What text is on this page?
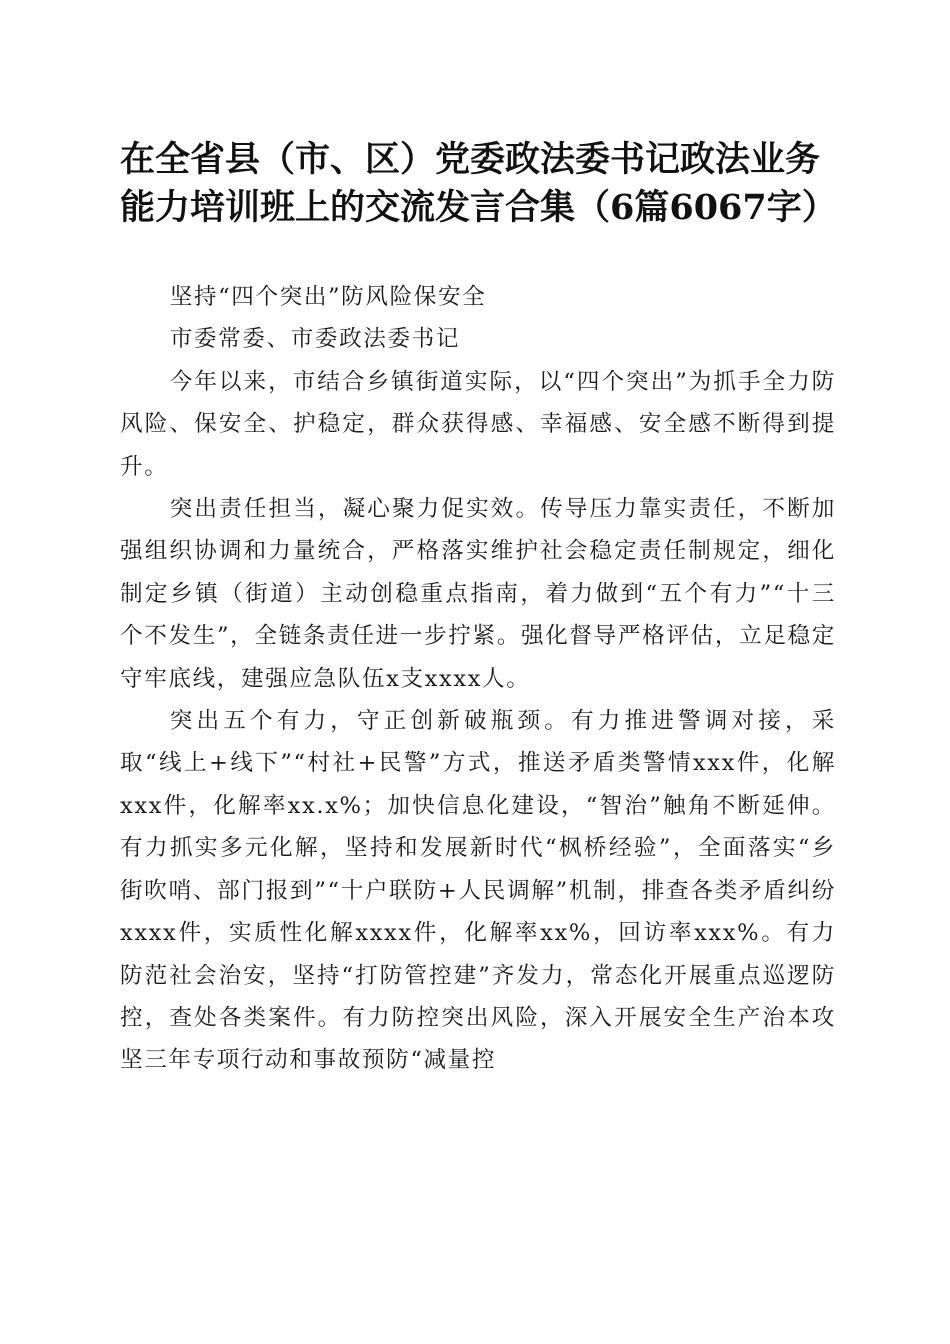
在全省县（市、区）党委政法委书记政法业务
能力培训班上的交流发言合集（6篇6067字）

坚持“四个突出”防风险保安全

市委常委、市委政法委书记

今年以来，市结合乡镇街道实际，以“四个突出”为抓手全力防风险、保安全、护稳定，群众获得感、幸福感、安全感不断得到提升。

突出责任担当，凝心聚力促实效。传导压力靠实责任，不断加强组织协调和力量统合，严格落实维护社会稳定责任制规定，细化制定乡镇（街道）主动创稳重点指南，着力做到“五个有力”“十三个不发生”，全链条责任进一步拧紧。强化督导严格评估，立足稳定守牢底线，建强应急队伍x支xxxx人。

突出五个有力，守正创新破瓶颈。有力推进警调对接，采取“线上+线下”“村社+民警”方式，推送矛盾类警情xxx件，化解xxx件，化解率xx.x%；加快信息化建设，“智治”触角不断延伸。有力抓实多元化解，坚持和发展新时代“枫桥经验”，全面落实“乡街吹哨、部门报到”“十户联防+人民调解”机制，排查各类矛盾纠纷xxxx件，实质性化解xxxx件，化解率xx%，回访率xxx%。有力防范社会治安，坚持“打防管控建”齐发力，常态化开展重点巡逻防控，查处各类案件。有力防控突出风险，深入开展安全生产治本攻坚三年专项行动和事故预防“减量控
